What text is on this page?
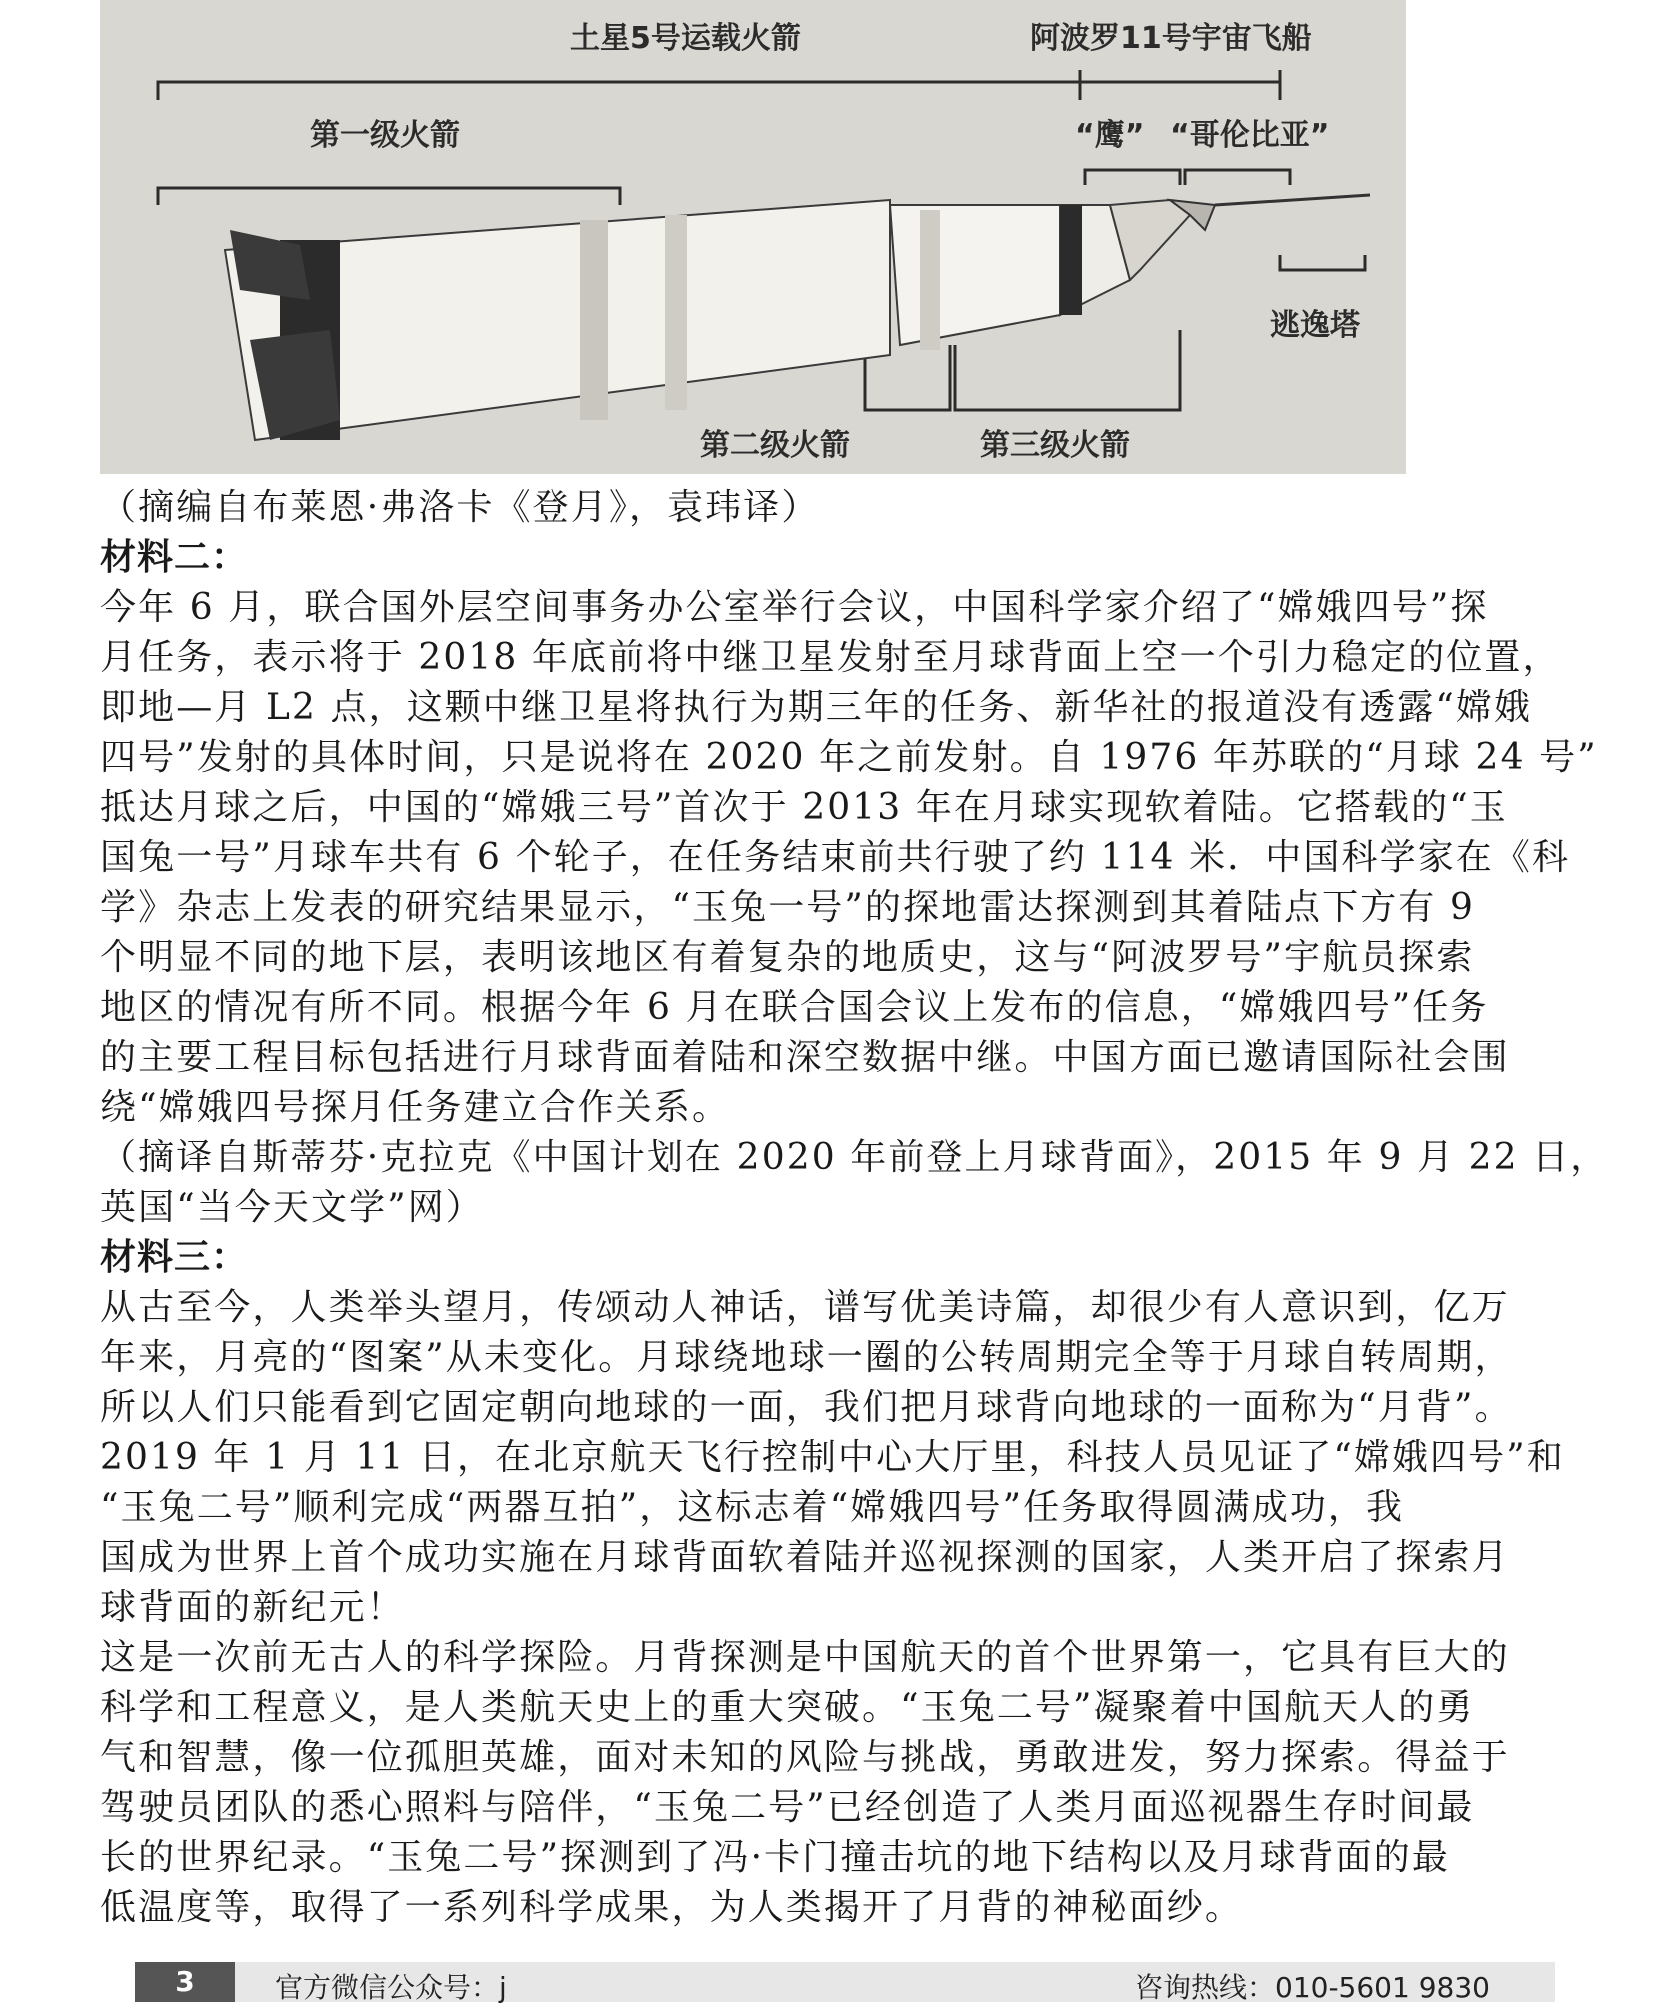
土星5号运载火箭	阿波罗11号宇宙飞船
第一级火箭	“鹰” “哥伦比亚”
逃逸塔
第二级火箭	第三级火箭
（摘编自布莱恩·弗洛卡《登月》，袁玮译）
材料二：
今年 6 月，联合国外层空间事务办公室举行会议，中国科学家介绍了“嫦娥四号”探
月任务，表示将于 2018 年底前将中继卫星发射至月球背面上空一个引力稳定的位置，
即地—月 L2 点，这颗中继卫星将执行为期三年的任务、新华社的报道没有透露“嫦娥
四号”发射的具体时间，只是说将在 2020 年之前发射。自 1976 年苏联的“月球 24 号”
抵达月球之后，中国的“嫦娥三号”首次于 2013 年在月球实现软着陆。它搭载的“玉
国兔一号”月球车共有 6 个轮子，在任务结束前共行驶了约 114 米．中国科学家在《科
学》杂志上发表的研究结果显示，“玉兔一号”的探地雷达探测到其着陆点下方有 9
个明显不同的地下层，表明该地区有着复杂的地质史，这与“阿波罗号”宇航员探索
地区的情况有所不同。根据今年 6 月在联合国会议上发布的信息，“嫦娥四号”任务
的主要工程目标包括进行月球背面着陆和深空数据中继。中国方面已邀请国际社会围
绕“嫦娥四号探月任务建立合作关系。
（摘译自斯蒂芬·克拉克《中国计划在 2020 年前登上月球背面》，2015 年 9 月 22 日，
英国“当今天文学”网）
材料三：
从古至今，人类举头望月，传颂动人神话，谱写优美诗篇，却很少有人意识到，亿万
年来，月亮的“图案”从未变化。月球绕地球一圈的公转周期完全等于月球自转周期，
所以人们只能看到它固定朝向地球的一面，我们把月球背向地球的一面称为“月背”。
2019 年 1 月 11 日，在北京航天飞行控制中心大厅里，科技人员见证了“嫦娥四号”和
“玉兔二号”顺利完成“两器互拍”，这标志着“嫦娥四号”任务取得圆满成功，我
国成为世界上首个成功实施在月球背面软着陆并巡视探测的国家，人类开启了探索月
球背面的新纪元！
这是一次前无古人的科学探险。月背探测是中国航天的首个世界第一，它具有巨大的
科学和工程意义，是人类航天史上的重大突破。“玉兔二号”凝聚着中国航天人的勇
气和智慧，像一位孤胆英雄，面对未知的风险与挑战，勇敢进发，努力探索。得益于
驾驶员团队的悉心照料与陪伴，“玉兔二号”已经创造了人类月面巡视器生存时间最
长的世界纪录。“玉兔二号”探测到了冯·卡门撞击坑的地下结构以及月球背面的最
低温度等，取得了一系列科学成果，为人类揭开了月背的神秘面纱。
3	官方微信公众号：j	咨询热线：010-5601 9830
